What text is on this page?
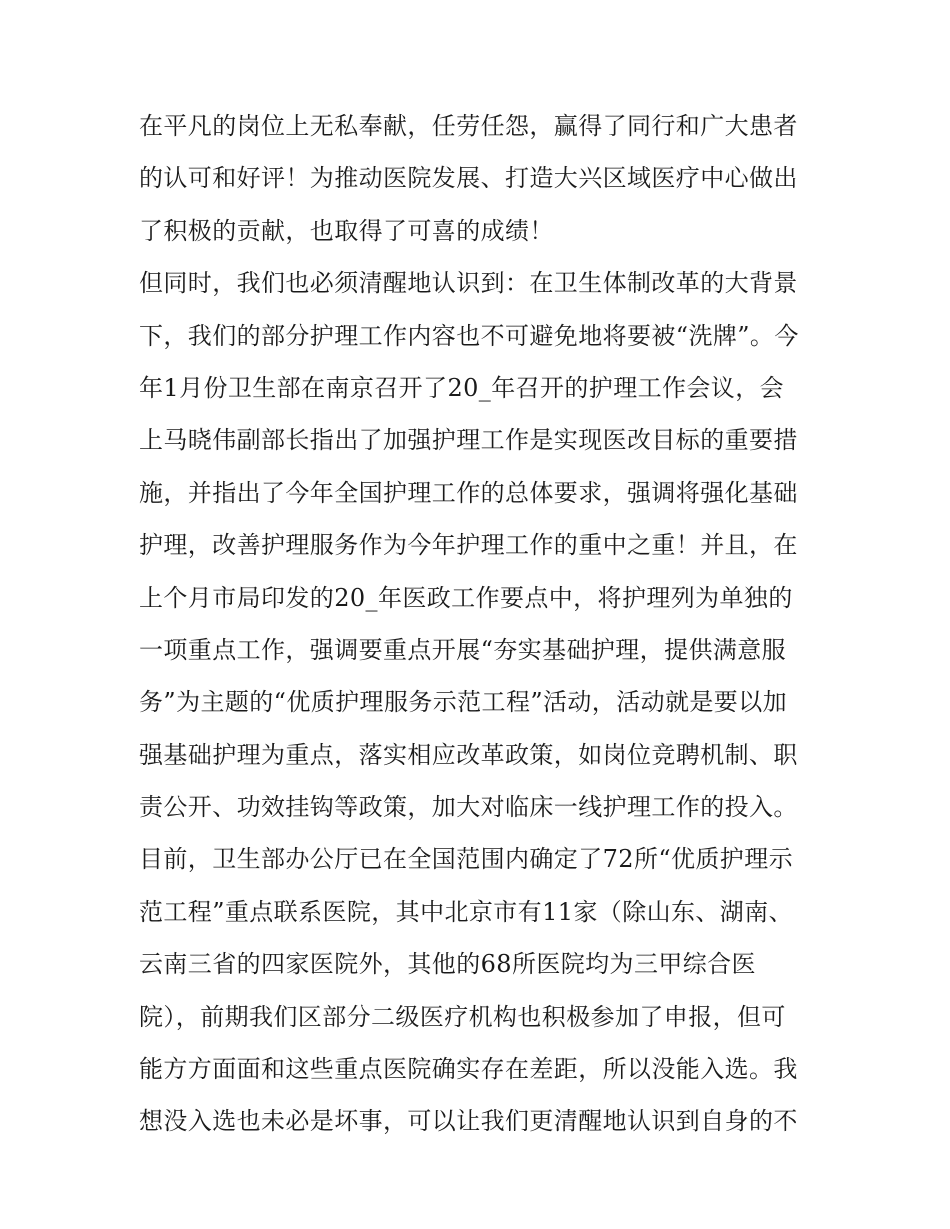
在平凡的岗位上无私奉献，任劳任怨，赢得了同行和广大患者
的认可和好评！为推动医院发展、打造大兴区域医疗中心做出
了积极的贡献，也取得了可喜的成绩！
但同时，我们也必须清醒地认识到：在卫生体制改革的大背景
下，我们的部分护理工作内容也不可避免地将要被“洗牌”。今
年1月份卫生部在南京召开了20_年召开的护理工作会议，会
上马晓伟副部长指出了加强护理工作是实现医改目标的重要措
施，并指出了今年全国护理工作的总体要求，强调将强化基础
护理，改善护理服务作为今年护理工作的重中之重！并且，在
上个月市局印发的20_年医政工作要点中，将护理列为单独的
一项重点工作，强调要重点开展“夯实基础护理，提供满意服
务”为主题的“优质护理服务示范工程”活动，活动就是要以加
强基础护理为重点，落实相应改革政策，如岗位竞聘机制、职
责公开、功效挂钩等政策，加大对临床一线护理工作的投入。
目前，卫生部办公厅已在全国范围内确定了72所“优质护理示
范工程”重点联系医院，其中北京市有11家（除山东、湖南、
云南三省的四家医院外，其他的68所医院均为三甲综合医
院），前期我们区部分二级医疗机构也积极参加了申报，但可
能方方面面和这些重点医院确实存在差距，所以没能入选。我
想没入选也未必是坏事，可以让我们更清醒地认识到自身的不
